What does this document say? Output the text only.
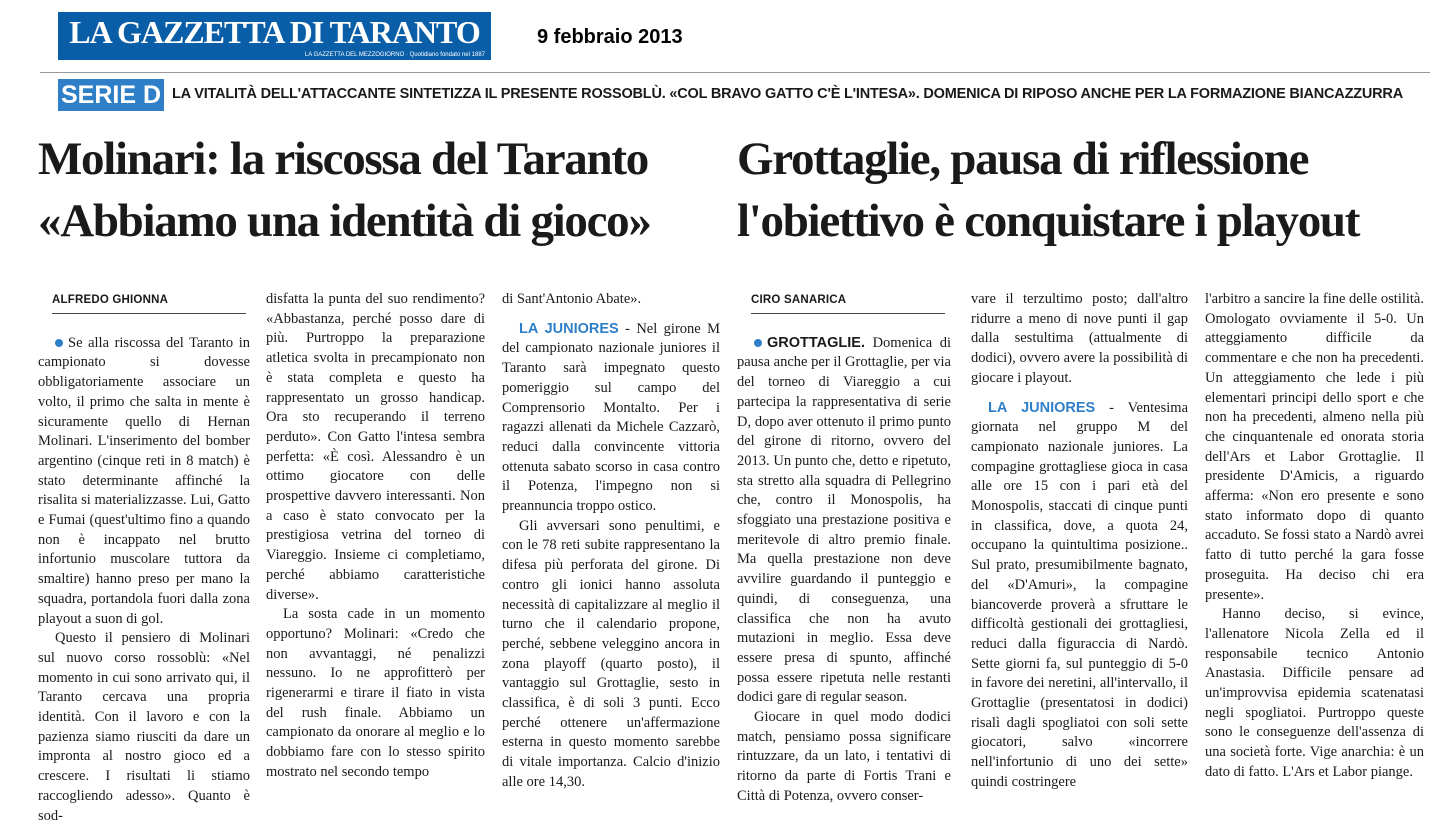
LA GAZZETTA DI TARANTO
LA GAZZETTA DEL MEZZOGIORNO · Quotidiano fondato nel 1887
9 febbraio 2013
SERIE D LA VITALITÀ DELL'ATTACCANTE SINTETIZZA IL PRESENTE ROSSOBLÙ. «COL BRAVO GATTO C'È L'INTESA». DOMENICA DI RIPOSO ANCHE PER LA FORMAZIONE BIANCAZZURRA
Molinari: la riscossa del Taranto
«Abbiamo una identità di gioco»
Grottaglie, pausa di riflessione
l'obiettivo è conquistare i playout
ALFREDO GHIONNA

Se alla riscossa del Taranto in campionato si dovesse obbligatoriamente associare un volto, il primo che salta in mente è sicuramente quello di Hernan Molinari. L'inserimento del bomber argentino (cinque reti in 8 match) è stato determinante affinché la risalita si materializzasse. Lui, Gatto e Fumai (quest'ultimo fino a quando non è incappato nel brutto infortunio muscolare tuttora da smaltire) hanno preso per mano la squadra, portandola fuori dalla zona playout a suon di gol.

Questo il pensiero di Molinari sul nuovo corso rossoblù: «Nel momento in cui sono arrivato qui, il Taranto cercava una propria identità. Con il lavoro e con la pazienza siamo riusciti da dare un impronta al nostro gioco ed a crescere. I risultati li stiamo raccogliendo adesso». Quanto è sod-

disfatta la punta del suo rendimento? «Abbastanza, perché posso dare di più. Purtroppo la preparazione atletica svolta in precampionato non è stata completa e questo ha rappresentato un grosso handicap. Ora sto recuperando il terreno perduto». Con Gatto l'intesa sembra perfetta: «È così. Alessandro è un ottimo giocatore con delle prospettive davvero interessanti. Non a caso è stato convocato per la prestigiosa vetrina del torneo di Viareggio. Insieme ci completiamo, perché abbiamo caratteristiche diverse».

La sosta cade in un momento opportuno? Molinari: «Credo che non avvantaggi, né penalizzi nessuno. Io ne approfitterò per rigenerarmi e tirare il fiato in vista del rush finale. Abbiamo un campionato da onorare al meglio e lo dobbiamo fare con lo stesso spirito mostrato nel secondo tempo

di Sant'Antonio Abate».

LA JUNIORES - Nel girone M del campionato nazionale juniores il Taranto sarà impegnato questo pomeriggio sul campo del Comprensorio Montalto. Per i ragazzi allenati da Michele Cazzarò, reduci dalla convincente vittoria ottenuta sabato scorso in casa contro il Potenza, l'impegno non si preannuncia troppo ostico.

Gli avversari sono penultimi, e con le 78 reti subite rappresentano la difesa più perforata del girone. Di contro gli ionici hanno assoluta necessità di capitalizzare al meglio il turno che il calendario propone, perché, sebbene veleggino ancora in zona playoff (quarto posto), il vantaggio sul Grottaglie, sesto in classifica, è di soli 3 punti. Ecco perché ottenere un'affermazione esterna in questo momento sarebbe di vitale importanza. Calcio d'inizio alle ore 14,30.

CIRO SANARICA

GROTTAGLIE. Domenica di pausa anche per il Grottaglie, per via del torneo di Viareggio a cui partecipa la rappresentativa di serie D, dopo aver ottenuto il primo punto del girone di ritorno, ovvero del 2013. Un punto che, detto e ripetuto, sta stretto alla squadra di Pellegrino che, contro il Monospolis, ha sfoggiato una prestazione positiva e meritevole di altro premio finale. Ma quella prestazione non deve avvilire guardando il punteggio e quindi, di conseguenza, una classifica che non ha avuto mutazioni in meglio. Essa deve essere presa di spunto, affinché possa essere ripetuta nelle restanti dodici gare di regular season.

Giocare in quel modo dodici match, pensiamo possa significare rintuzzare, da un lato, i tentativi di ritorno da parte di Fortis Trani e Città di Potenza, ovvero conser-

vare il terzultimo posto; dall'altro ridurre a meno di nove punti il gap dalla sestultima (attualmente di dodici), ovvero avere la possibilità di giocare i playout.

LA JUNIORES - Ventesima giornata nel gruppo M del campionato nazionale juniores. La compagine grottagliese gioca in casa alle ore 15 con i pari età del Monospolis, staccati di cinque punti in classifica, dove, a quota 24, occupano la quintultima posizione.. Sul prato, presumibilmente bagnato, del «D'Amuri», la compagine biancoverde proverà a sfruttare le difficoltà gestionali dei grottagliesi, reduci dalla figuraccia di Nardò. Sette giorni fa, sul punteggio di 5-0 in favore dei neretini, all'intervallo, il Grottaglie (presentatosi in dodici) risalì dagli spogliatoi con soli sette giocatori, salvo «incorrere nell'infortunio di uno dei sette» quindi costringere

l'arbitro a sancire la fine delle ostilità. Omologato ovviamente il 5-0. Un atteggiamento difficile da commentare e che non ha precedenti. Un atteggiamento che lede i più elementari principi dello sport e che non ha precedenti, almeno nella più che cinquantenale ed onorata storia dell'Ars et Labor Grottaglie. Il presidente D'Amicis, a riguardo afferma: «Non ero presente e sono stato informato dopo di quanto accaduto. Se fossi stato a Nardò avrei fatto di tutto perché la gara fosse proseguita. Ha deciso chi era presente».

Hanno deciso, si evince, l'allenatore Nicola Zella ed il responsabile tecnico Antonio Anastasia. Difficile pensare ad un'improvvisa epidemia scatenatasi negli spogliatoi. Purtroppo queste sono le conseguenze dell'assenza di una società forte. Vige anarchia: è un dato di fatto. L'Ars et Labor piange.
